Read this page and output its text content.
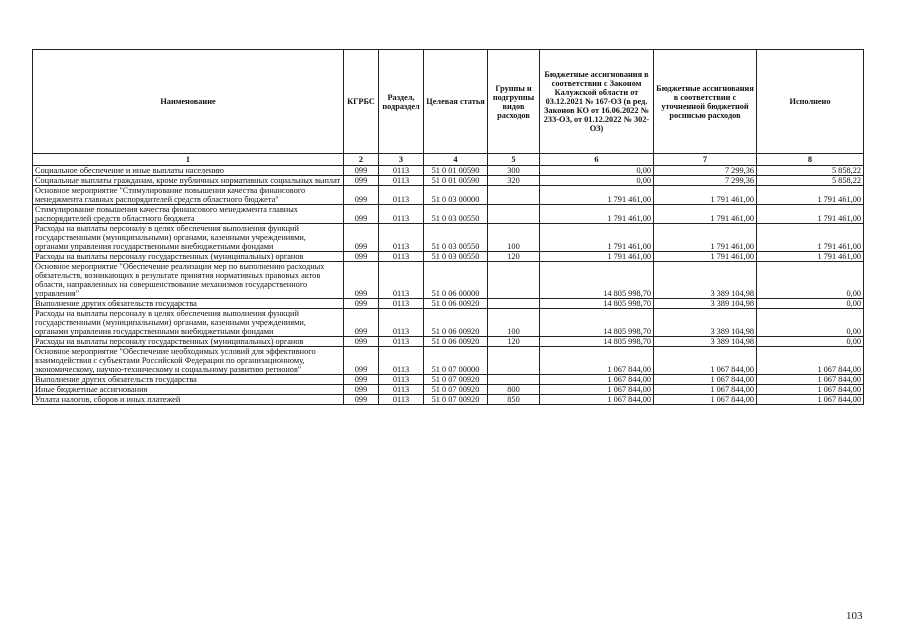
Наименование	КГРБС	Раздел, подраздел	Целевая статья	Группы и подгруппы видов расходов	Бюджетные ассигнования в соответствии с Законом Калужской области от 03.12.2021 № 167-ОЗ (в ред. Законов КО от 16.06.2022 № 233-ОЗ, от 01.12.2022 № 302-ОЗ)	Бюджетные ассигнования в соответствии с уточненной бюджетной росписью расходов	Исполнено
1	2	3	4	5	6	7	8
Социальное обеспечение и иные выплаты населению	099	0113	51 0 01 00590	300	0,00	7 299,36	5 858,22
Социальные выплаты гражданам, кроме публичных нормативных социальных выплат	099	0113	51 0 01 00590	320	0,00	7 299,36	5 858,22
Основное мероприятие "Стимулирование повышения качества финансового менеджмента главных распорядителей средств областного бюджета"	099	0113	51 0 03 00000		1 791 461,00	1 791 461,00	1 791 461,00
Стимулирование повышения качества финансового менеджмента главных распорядителей средств областного бюджета	099	0113	51 0 03 00550		1 791 461,00	1 791 461,00	1 791 461,00
Расходы на выплаты персоналу в целях обеспечения выполнения функций государственными (муниципальными) органами, казенными учреждениями, органами управления государственными внебюджетными фондами	099	0113	51 0 03 00550	100	1 791 461,00	1 791 461,00	1 791 461,00
Расходы на выплаты персоналу государственных (муниципальных) органов	099	0113	51 0 03 00550	120	1 791 461,00	1 791 461,00	1 791 461,00
Основное мероприятие "Обеспечение реализации мер по выполнению расходных обязательств, возникающих в результате принятия нормативных правовых актов области, направленных на совершенствование механизмов государственного управления"	099	0113	51 0 06 00000		14 805 998,70	3 389 104,98	0,00
Выполнение других обязательств государства	099	0113	51 0 06 00920		14 805 998,70	3 389 104,98	0,00
Расходы на выплаты персоналу в целях обеспечения выполнения функций государственными (муниципальными) органами, казенными учреждениями, органами управления государственными внебюджетными фондами	099	0113	51 0 06 00920	100	14 805 998,70	3 389 104,98	0,00
Расходы на выплаты персоналу государственных (муниципальных) органов	099	0113	51 0 06 00920	120	14 805 998,70	3 389 104,98	0,00
Основное мероприятие "Обеспечение необходимых условий для эффективного взаимодействия с субъектами Российской Федерации по организационному, экономическому, научно-техническому и социальному развитию регионов"	099	0113	51 0 07 00000		1 067 844,00	1 067 844,00	1 067 844,00
Выполнение других обязательств государства	099	0113	51 0 07 00920		1 067 844,00	1 067 844,00	1 067 844,00
Иные бюджетные ассигнования	099	0113	51 0 07 00920	800	1 067 844,00	1 067 844,00	1 067 844,00
Уплата налогов, сборов и иных платежей	099	0113	51 0 07 00920	850	1 067 844,00	1 067 844,00	1 067 844,00
103
